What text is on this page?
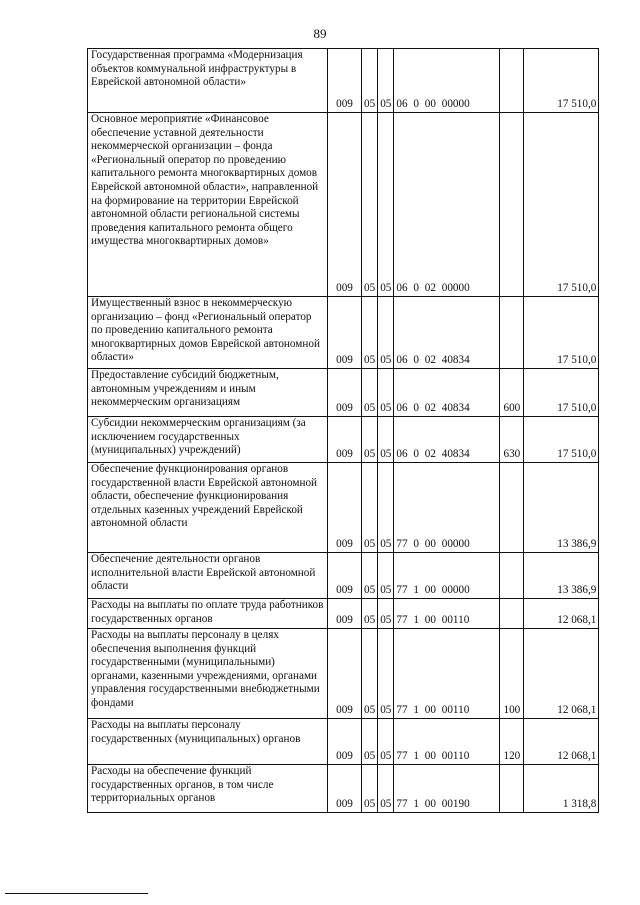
89
Государственная программа «Модернизация объектов коммунальной инфраструктуры в Еврейской автономной области»	009	05	05	06 0 00 00000		17 510,0
Основное мероприятие «Финансовое обеспечение уставной деятельности некоммерческой организации – фонда «Региональный оператор по проведению капитального ремонта многоквартирных домов Еврейской автономной области», направленной на формирование на территории Еврейской автономной области региональной системы проведения капитального ремонта общего имущества многоквартирных домов»	009	05	05	06 0 02 00000		17 510,0
Имущественный взнос в некоммерческую организацию – фонд «Региональный оператор по проведению капитального ремонта многоквартирных домов Еврейской автономной области»	009	05	05	06 0 02 40834		17 510,0
Предоставление субсидий бюджетным, автономным учреждениям и иным некоммерческим организациям	009	05	05	06 0 02 40834	600	17 510,0
Субсидии некоммерческим организациям (за исключением государственных (муниципальных) учреждений)	009	05	05	06 0 02 40834	630	17 510,0
Обеспечение функционирования органов государственной власти Еврейской автономной области, обеспечение функционирования отдельных казенных учреждений Еврейской автономной области	009	05	05	77 0 00 00000		13 386,9
Обеспечение деятельности органов исполнительной власти Еврейской автономной области	009	05	05	77 1 00 00000		13 386,9
Расходы на выплаты по оплате труда работников государственных органов	009	05	05	77 1 00 00110		12 068,1
Расходы на выплаты персоналу в целях обеспечения выполнения функций государственными (муниципальными) органами, казенными учреждениями, органами управления государственными внебюджетными фондами	009	05	05	77 1 00 00110	100	12 068,1
Расходы на выплаты персоналу государственных (муниципальных) органов	009	05	05	77 1 00 00110	120	12 068,1
Расходы на обеспечение функций государственных органов, в том числе территориальных органов	009	05	05	77 1 00 00190		1 318,8
